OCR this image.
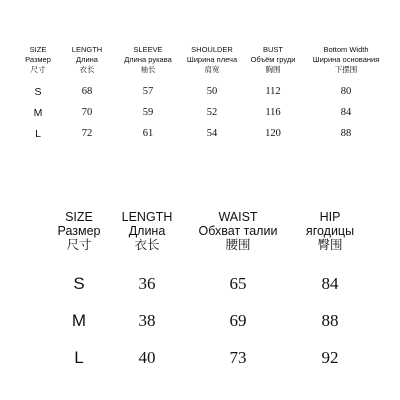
SIZE
Размер
尺寸	LENGTH
Длина
衣长	SLEEVE
Длина рукава
袖长	SHOULDER
Ширина плеча
肩宽	BUST
Объём груди
胸围	Bottom Width
Ширина основания
下摆围

S	68	57	50	112	80
M	70	59	52	116	84
L	72	61	54	120	88
SIZE
Размер
尺寸	LENGTH
Длина
衣长	WAIST
Обхват талии
腰围	HIP
ягодицы
臀围

S	36	65	84
M	38	69	88
L	40	73	92
